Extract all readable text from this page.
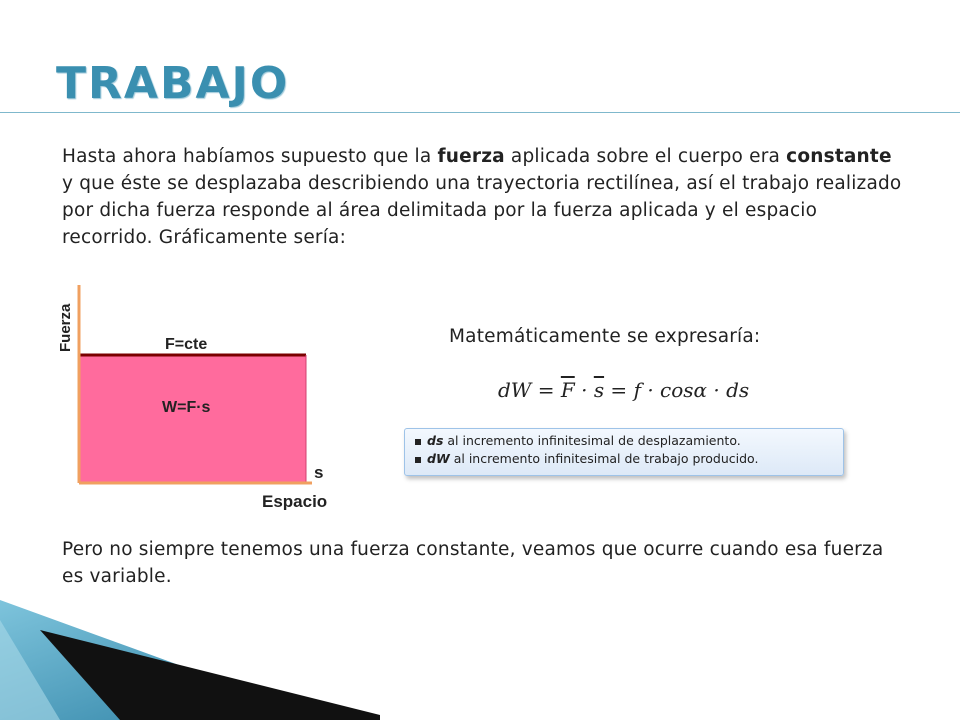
TRABAJO

Hasta ahora habíamos supuesto que la fuerza aplicada sobre el cuerpo era constante y que éste se desplazaba describiendo una trayectoria rectilínea, así el trabajo realizado por dicha fuerza responde al área delimitada por la fuerza aplicada y el espacio recorrido. Gráficamente sería:

Fuerza	F=cte
W=F·s
s
Espacio
Matemáticamente se expresaría:
dW = $\overline{F} \cdot \overline{s} = f \cdot \cos\alpha$ · ds
ds al incremento infinitesimal de desplazamiento.
dW al incremento infinitesimal de trabajo producido.

Pero no siempre tenemos una fuerza constante, veamos que ocurre cuando esa fuerza es variable.
